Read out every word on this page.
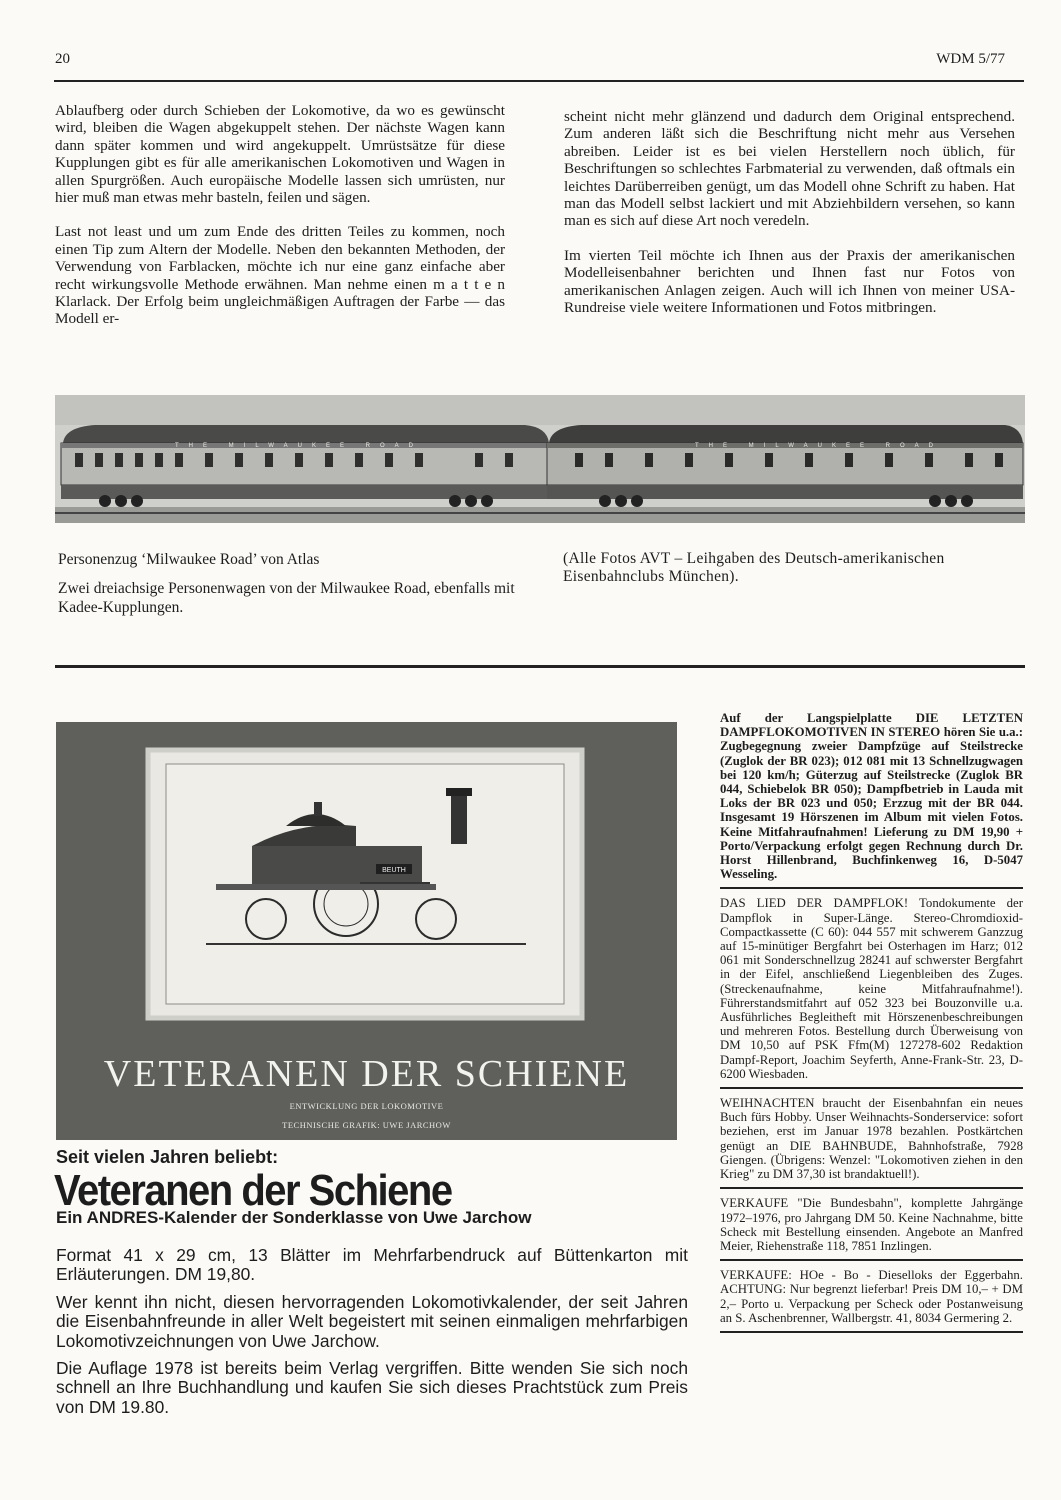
20	WDM 5/77

Ablaufberg oder durch Schieben der Lokomotive, da wo es gewünscht wird, bleiben die Wagen abgekuppelt stehen. Der nächste Wagen kann dann später kommen und wird angekuppelt. Umrüstsätze für diese Kupplungen gibt es für alle amerikanischen Lokomotiven und Wagen in allen Spurgrößen. Auch europäische Modelle lassen sich umrüsten, nur hier muß man etwas mehr basteln, feilen und sägen.

Last not least und um zum Ende des dritten Teiles zu kommen, noch einen Tip zum Altern der Modelle. Neben den bekannten Methoden, der Verwendung von Farblacken, möchte ich nur eine ganz einfache aber recht wirkungsvolle Methode erwähnen. Man nehme einen m a t t e n Klarlack. Der Erfolg beim ungleichmäßigen Auftragen der Farbe — das Modell er-

scheint nicht mehr glänzend und dadurch dem Original entsprechend. Zum anderen läßt sich die Beschriftung nicht mehr aus Versehen abreiben. Leider ist es bei vielen Herstellern noch üblich, für Beschriftungen so schlechtes Farbmaterial zu verwenden, daß oftmals ein leichtes Darüberreiben genügt, um das Modell ohne Schrift zu haben. Hat man das Modell selbst lackiert und mit Abziehbildern versehen, so kann man es sich auf diese Art noch veredeln.

Im vierten Teil möchte ich Ihnen aus der Praxis der amerikanischen Modelleisenbahner berichten und Ihnen fast nur Fotos von amerikanischen Anlagen zeigen. Auch will ich Ihnen von meiner USA-Rundreise viele weitere Informationen und Fotos mitbringen.

THE MILWAUKEE ROAD	THE MILWAUKEE ROAD

Personenzug ‘Milwaukee Road’ von Atlas

Zwei dreiachsige Personenwagen von der Milwaukee Road, ebenfalls mit Kadee-Kupplungen.

(Alle Fotos AVT – Leihgaben des Deutsch-amerikanischen Eisenbahnclubs München).
BEUTH
VETERANEN DER SCHIENE
ENTWICKLUNG DER LOKOMOTIVE
TECHNISCHE GRAFIK: UWE JARCHOW
Seit vielen Jahren beliebt:
Veteranen der Schiene
Ein ANDRES-Kalender der Sonderklasse von Uwe Jarchow

Format 41 x 29 cm, 13 Blätter im Mehrfarbendruck auf Büttenkarton mit Erläuterungen. DM 19,80.

Wer kennt ihn nicht, diesen hervorragenden Lokomotivkalender, der seit Jahren die Eisenbahnfreunde in aller Welt begeistert mit seinen einmaligen mehrfarbigen Lokomotivzeichnungen von Uwe Jarchow.

Die Auflage 1978 ist bereits beim Verlag vergriffen. Bitte wenden Sie sich noch schnell an Ihre Buchhandlung und kaufen Sie sich dieses Prachtstück zum Preis von DM 19.80.

Auf der Langspielplatte DIE LETZTEN DAMPFLOKOMOTIVEN IN STEREO hören Sie u.a.: Zugbegegnung zweier Dampfzüge auf Steilstrecke (Zuglok der BR 023); 012 081 mit 13 Schnellzugwagen bei 120 km/h; Güterzug auf Steilstrecke (Zuglok BR 044, Schiebelok BR 050); Dampfbetrieb in Lauda mit Loks der BR 023 und 050; Erzzug mit der BR 044. Insgesamt 19 Hörszenen im Album mit vielen Fotos. Keine Mitfahraufnahmen! Lieferung zu DM 19,90 + Porto/Verpackung erfolgt gegen Rechnung durch Dr. Horst Hillenbrand, Buchfinkenweg 16, D-5047 Wesseling.

DAS LIED DER DAMPFLOK! Tondokumente der Dampflok in Super-Länge. Stereo-Chromdioxid-Compactkassette (C 60): 044 557 mit schwerem Ganzzug auf 15-minütiger Bergfahrt bei Osterhagen im Harz; 012 061 mit Sonderschnellzug 28241 auf schwerster Bergfahrt in der Eifel, anschließend Liegenbleiben des Zuges. (Streckenaufnahme, keine Mitfahraufnahme!). Führerstandsmitfahrt auf 052 323 bei Bouzonville u.a. Ausführliches Begleitheft mit Hörszenenbeschreibungen und mehreren Fotos. Bestellung durch Überweisung von DM 10,50 auf PSK Ffm(M) 127278-602 Redaktion Dampf-Report, Joachim Seyferth, Anne-Frank-Str. 23, D-6200 Wiesbaden.

WEIHNACHTEN braucht der Eisenbahnfan ein neues Buch fürs Hobby. Unser Weihnachts-Sonderservice: sofort beziehen, erst im Januar 1978 bezahlen. Postkärtchen genügt an DIE BAHNBUDE, Bahnhofstraße, 7928 Giengen. (Übrigens: Wenzel: "Lokomotiven ziehen in den Krieg" zu DM 37,30 ist brandaktuell!).

VERKAUFE "Die Bundesbahn", komplette Jahrgänge 1972–1976, pro Jahrgang DM 50. Keine Nachnahme, bitte Scheck mit Bestellung einsenden. Angebote an Manfred Meier, Riehenstraße 118, 7851 Inzlingen.

VERKAUFE: HOe - Bo - Dieselloks der Eggerbahn. ACHTUNG: Nur begrenzt lieferbar! Preis DM 10,– + DM 2,– Porto u. Verpackung per Scheck oder Postanweisung an S. Aschenbrenner, Wallbergstr. 41, 8034 Germering 2.
